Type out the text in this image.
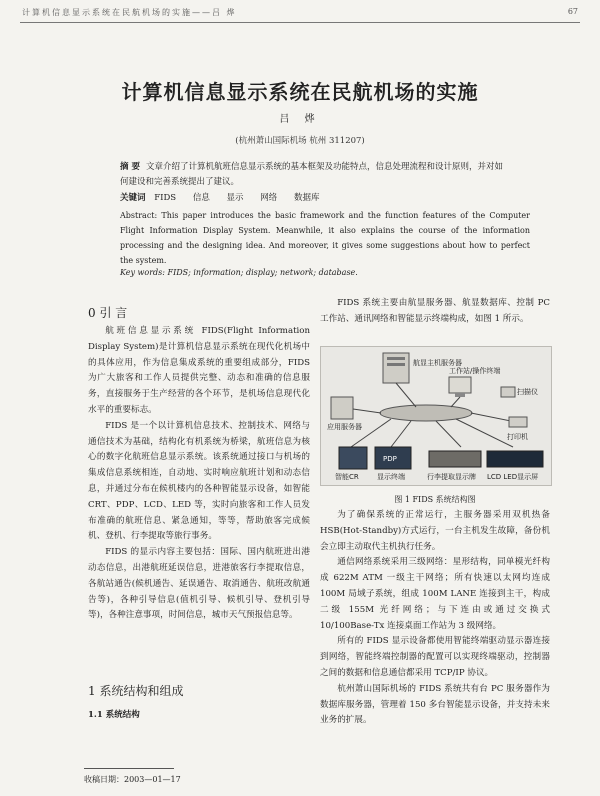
计算机信息显示系统在民航机场的实施——吕 烨	67
计算机信息显示系统在民航机场的实施
吕 烨
(杭州萧山国际机场 杭州 311207)
摘 要 文章介绍了计算机航班信息显示系统的基本框架及功能特点，信息处理流程和设计原则，并对如何建设和完善系统提出了建议。
关键词 FIDS 信息 显示 网络 数据库
Abstract: This paper introduces the basic framework and the function features of the Computer Flight Information Display System. Meanwhile, it also explains the course of the information processing and the designing idea. And moreover, it gives some suggestions about how to perfect the system.
Key words: FIDS; information; display; network; database.
0 引 言

航班信息显示系统 FIDS(Flight Information Display System)是计算机信息显示系统在现代化机场中的具体应用，作为信息集成系统的重要组成部分，FIDS 为广大旅客和工作人员提供完整、动态和准确的信息服务，直接服务于生产经营的各个环节，是机场信息现代化水平的重要标志。

FIDS 是一个以计算机信息技术、控制技术、网络与通信技术为基础，结构化有机系统为桥梁，航班信息为核心的数字化航班信息显示系统。该系统通过接口与机场的集成信息系统相连，自动地、实时响应航班计划和动态信息，并通过分布在候机楼内的各种智能显示设备，如智能 CRT、PDP、LCD、LED 等，实时向旅客和工作人员发布准确的航班信息、紧急通知，等等，帮助旅客完成候机、登机、行李提取等旅行事务。

FIDS 的显示内容主要包括：国际、国内航班进出港动态信息，出港航班延误信息，进港旅客行李提取信息，各航站通告(候机通告、延误通告、取消通告、航班改航通告等)，各种引导信息(值机引导、候机引导、登机引导等)，各种注意事项，时间信息，城市天气预报信息等。

1 系统结构和组成
1.1 系统结构

FIDS 系统主要由航显服务器、航显数据库、控制 PC 工作站、通讯网络和智能显示终端构成，如图 1 所示。

航显主机服务器
工作站/操作终端
扫描仪
应用服务器
打印机
智能CR
PDP
显示终端	行李提取显示牌 LCD LED显示屏
图 1 FIDS 系统结构图

为了确保系统的正常运行，主服务器采用双机热备 HSB(Hot-Standby)方式运行，一台主机发生故障，备份机会立即主动取代主机执行任务。

通信网络系统采用三级网络：星形结构，同单模光纤构成 622M ATM 一级主干网络；所有快速以太网均连成 100M 局域子系统，组成 100M LANE 连接到主干，构成二级 155M 光纤网络；与下连由或通过交换式 10/100Base-Tx 连接桌面工作站为 3 级网络。

所有的 FIDS 显示设备都使用智能终端驱动显示器连接到网络，智能终端控制器的配置可以实现终端驱动，控制器之间的数据和信息通信都采用 TCP/IP 协议。

杭州萧山国际机场的 FIDS 系统共有台 PC 服务器作为数据库服务器，管理着 150 多台智能显示设备，并支持未来业务的扩展。

收稿日期：2003—01—17
